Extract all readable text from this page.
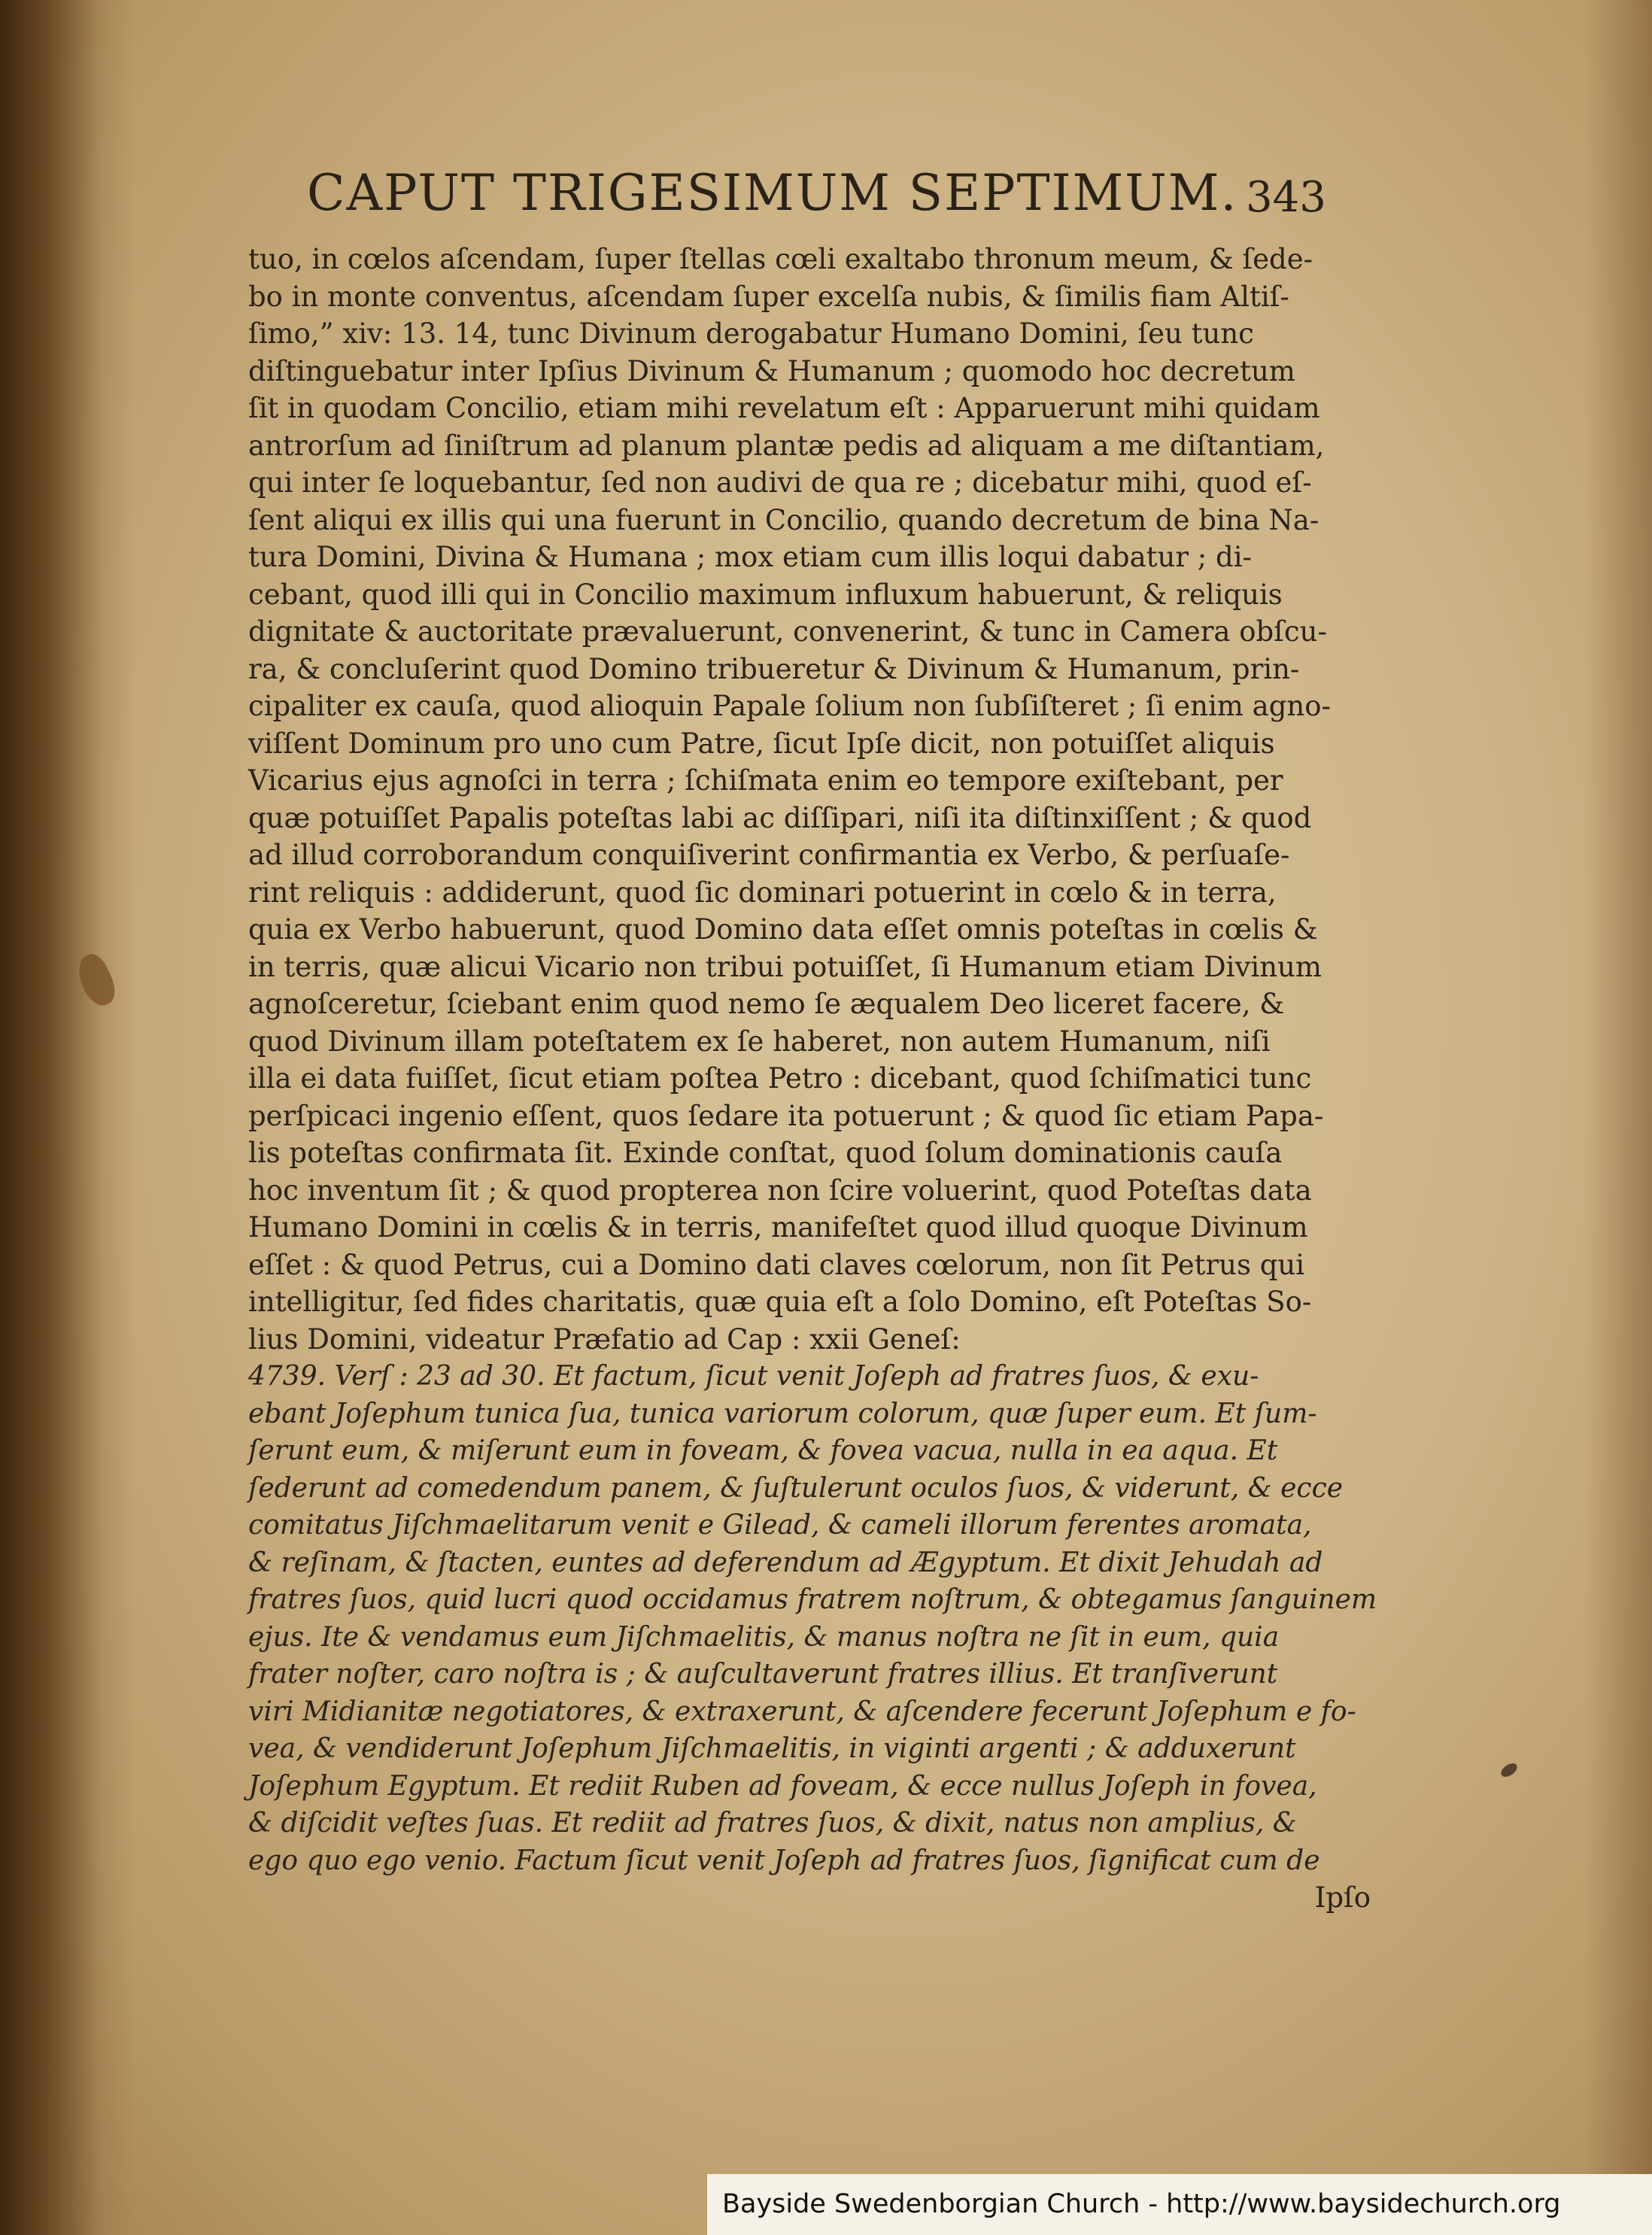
CAPUT TRIGESIMUM SEPTIMUM. 343
tuo, in cœlos aſcendam, ſuper ſtellas cœli exaltabo thronum meum, & ſede-
bo in monte conventus, aſcendam ſuper excelſa nubis, & ſimilis fiam Altiſ-
ſimo,” xiv: 13. 14, tunc Divinum derogabatur Humano Domini, ſeu tunc
diſtinguebatur inter Ipſius Divinum & Humanum ; quomodo hoc decretum
ſit in quodam Concilio, etiam mihi revelatum eſt : Apparuerunt mihi quidam
antrorſum ad ſiniſtrum ad planum plantæ pedis ad aliquam a me diſtantiam,
qui inter ſe loquebantur, ſed non audivi de qua re ; dicebatur mihi, quod eſ-
ſent aliqui ex illis qui una fuerunt in Concilio, quando decretum de bina Na-
tura Domini, Divina & Humana ; mox etiam cum illis loqui dabatur ; di-
cebant, quod illi qui in Concilio maximum influxum habuerunt, & reliquis
dignitate & auctoritate prævaluerunt, convenerint, & tunc in Camera obſcu-
ra, & concluſerint quod Domino tribueretur & Divinum & Humanum, prin-
cipaliter ex cauſa, quod alioquin Papale ſolium non ſubſiſteret ; ſi enim agno-
viſſent Dominum pro uno cum Patre, ſicut Ipſe dicit, non potuiſſet aliquis
Vicarius ejus agnoſci in terra ; ſchiſmata enim eo tempore exiſtebant, per
quæ potuiſſet Papalis poteſtas labi ac diſſipari, niſi ita diſtinxiſſent ; & quod
ad illud corroborandum conquiſiverint confirmantia ex Verbo, & perſuaſe-
rint reliquis : addiderunt, quod ſic dominari potuerint in cœlo & in terra,
quia ex Verbo habuerunt, quod Domino data eſſet omnis poteſtas in cœlis &
in terris, quæ alicui Vicario non tribui potuiſſet, ſi Humanum etiam Divinum
agnoſceretur, ſciebant enim quod nemo ſe æqualem Deo liceret facere, &
quod Divinum illam poteſtatem ex ſe haberet, non autem Humanum, niſi
illa ei data fuiſſet, ſicut etiam poſtea Petro : dicebant, quod ſchiſmatici tunc
perſpicaci ingenio eſſent, quos ſedare ita potuerunt ; & quod ſic etiam Papa-
lis poteſtas confirmata ſit. Exinde conſtat, quod ſolum dominationis cauſa
hoc inventum ſit ; & quod propterea non ſcire voluerint, quod Poteſtas data
Humano Domini in cœlis & in terris, manifeſtet quod illud quoque Divinum
eſſet : & quod Petrus, cui a Domino dati claves cœlorum, non ſit Petrus qui
intelligitur, ſed fides charitatis, quæ quia eſt a ſolo Domino, eſt Poteſtas So-
lius Domini, videatur Præfatio ad Cap : xxii Geneſ:
4739. Verſ : 23 ad 30. Et factum, ſicut venit Joſeph ad fratres ſuos, & exu-
ebant Joſephum tunica ſua, tunica variorum colorum, quæ ſuper eum. Et ſum-
ſerunt eum, & miſerunt eum in foveam, & fovea vacua, nulla in ea aqua. Et
ſederunt ad comedendum panem, & ſuſtulerunt oculos ſuos, & viderunt, & ecce
comitatus Jiſchmaelitarum venit e Gilead, & cameli illorum ferentes aromata,
& reſinam, & ſtacten, euntes ad deferendum ad Ægyptum. Et dixit Jehudah ad
fratres ſuos, quid lucri quod occidamus fratrem noſtrum, & obtegamus ſanguinem
ejus. Ite & vendamus eum Jiſchmaelitis, & manus noſtra ne ſit in eum, quia
frater noſter, caro noſtra is ; & auſcultaverunt fratres illius. Et tranſiverunt
viri Midianitæ negotiatores, & extraxerunt, & aſcendere fecerunt Joſephum e fo-
vea, & vendiderunt Joſephum Jiſchmaelitis, in viginti argenti ; & adduxerunt
Joſephum Egyptum. Et rediit Ruben ad foveam, & ecce nullus Joſeph in fovea,
& diſcidit veſtes ſuas. Et rediit ad fratres ſuos, & dixit, natus non amplius, &
ego quo ego venio. Factum ſicut venit Joſeph ad fratres ſuos, ſignificat cum de
Ipſo
Bayside Swedenborgian Church - http://www.baysidechurch.org
